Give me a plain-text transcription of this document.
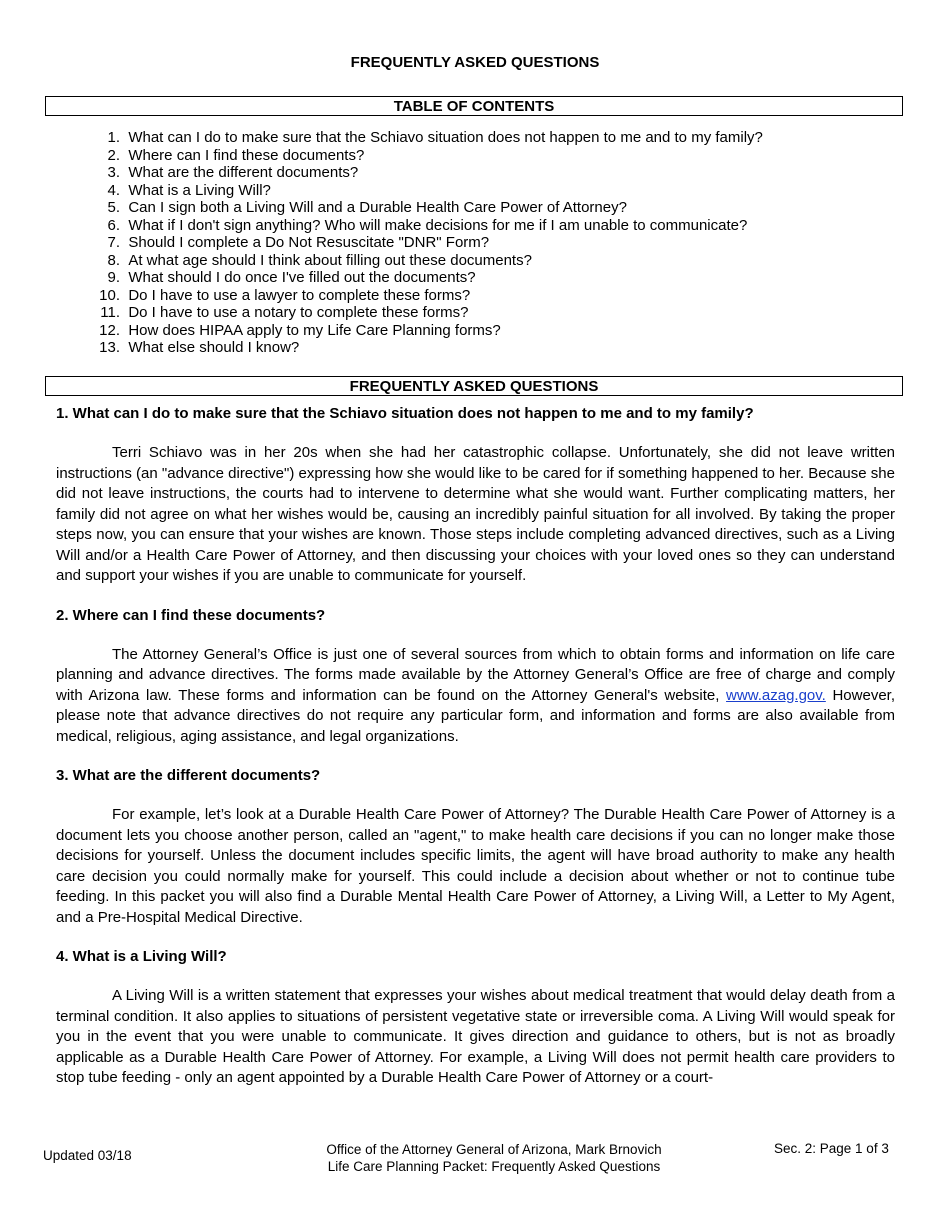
FREQUENTLY ASKED QUESTIONS
TABLE OF CONTENTS
1.
What can I do to make sure that the Schiavo situation does not happen to me and to my family?
2.
Where can I find these documents?
3.
What are the different documents?
4.
What is a Living Will?
5.
Can I sign both a Living Will and a Durable Health Care Power of Attorney?
6.
What if I don't sign anything? Who will make decisions for me if I am unable to communicate?
7.
Should I complete a Do Not Resuscitate "DNR" Form?
8.
At what age should I think about filling out these documents?
9.
What should I do once I've filled out the documents?
10.
Do I have to use a lawyer to complete these forms?
11.
Do I have to use a notary to complete these forms?
12.
How does HIPAA apply to my Life Care Planning forms?
13.
What else should I know?
FREQUENTLY ASKED QUESTIONS

1. What can I do to make sure that the Schiavo situation does not happen to me and to my family?

Terri Schiavo was in her 20s when she had her catastrophic collapse. Unfortunately, she did not leave written instructions (an "advance directive") expressing how she would like to be cared for if something happened to her. Because she did not leave instructions, the courts had to intervene to determine what she would want. Further complicating matters, her family did not agree on what her wishes would be, causing an incredibly painful situation for all involved. By taking the proper steps now, you can ensure that your wishes are known. Those steps include completing advanced directives, such as a Living Will and/or a Health Care Power of Attorney, and then discussing your choices with your loved ones so they can understand and support your wishes if you are unable to communicate for yourself.

2. Where can I find these documents?

The Attorney General’s Office is just one of several sources from which to obtain forms and information on life care planning and advance directives. The forms made available by the Attorney General’s Office are free of charge and comply with Arizona law. These forms and information can be found on the Attorney General's website, www.azag.gov. However, please note that advance directives do not require any particular form, and information and forms are also available from medical, religious, aging assistance, and legal organizations.

3. What are the different documents?

For example, let’s look at a Durable Health Care Power of Attorney? The Durable Health Care Power of Attorney is a document lets you choose another person, called an "agent," to make health care decisions if you can no longer make those decisions for yourself. Unless the document includes specific limits, the agent will have broad authority to make any health care decision you could normally make for yourself. This could include a decision about whether or not to continue tube feeding. In this packet you will also find a Durable Mental Health Care Power of Attorney, a Living Will, a Letter to My Agent, and a Pre-Hospital Medical Directive.

4. What is a Living Will?

A Living Will is a written statement that expresses your wishes about medical treatment that would delay death from a terminal condition. It also applies to situations of persistent vegetative state or irreversible coma. A Living Will would speak for you in the event that you were unable to communicate. It gives direction and guidance to others, but is not as broadly applicable as a Durable Health Care Power of Attorney. For example, a Living Will does not permit health care providers to stop tube feeding - only an agent appointed by a Durable Health Care Power of Attorney or a court-

Updated 03/18	Office of the Attorney General of Arizona, Mark Brnovich
Life Care Planning Packet: Frequently Asked Questions
Sec. 2: Page 1 of 3
